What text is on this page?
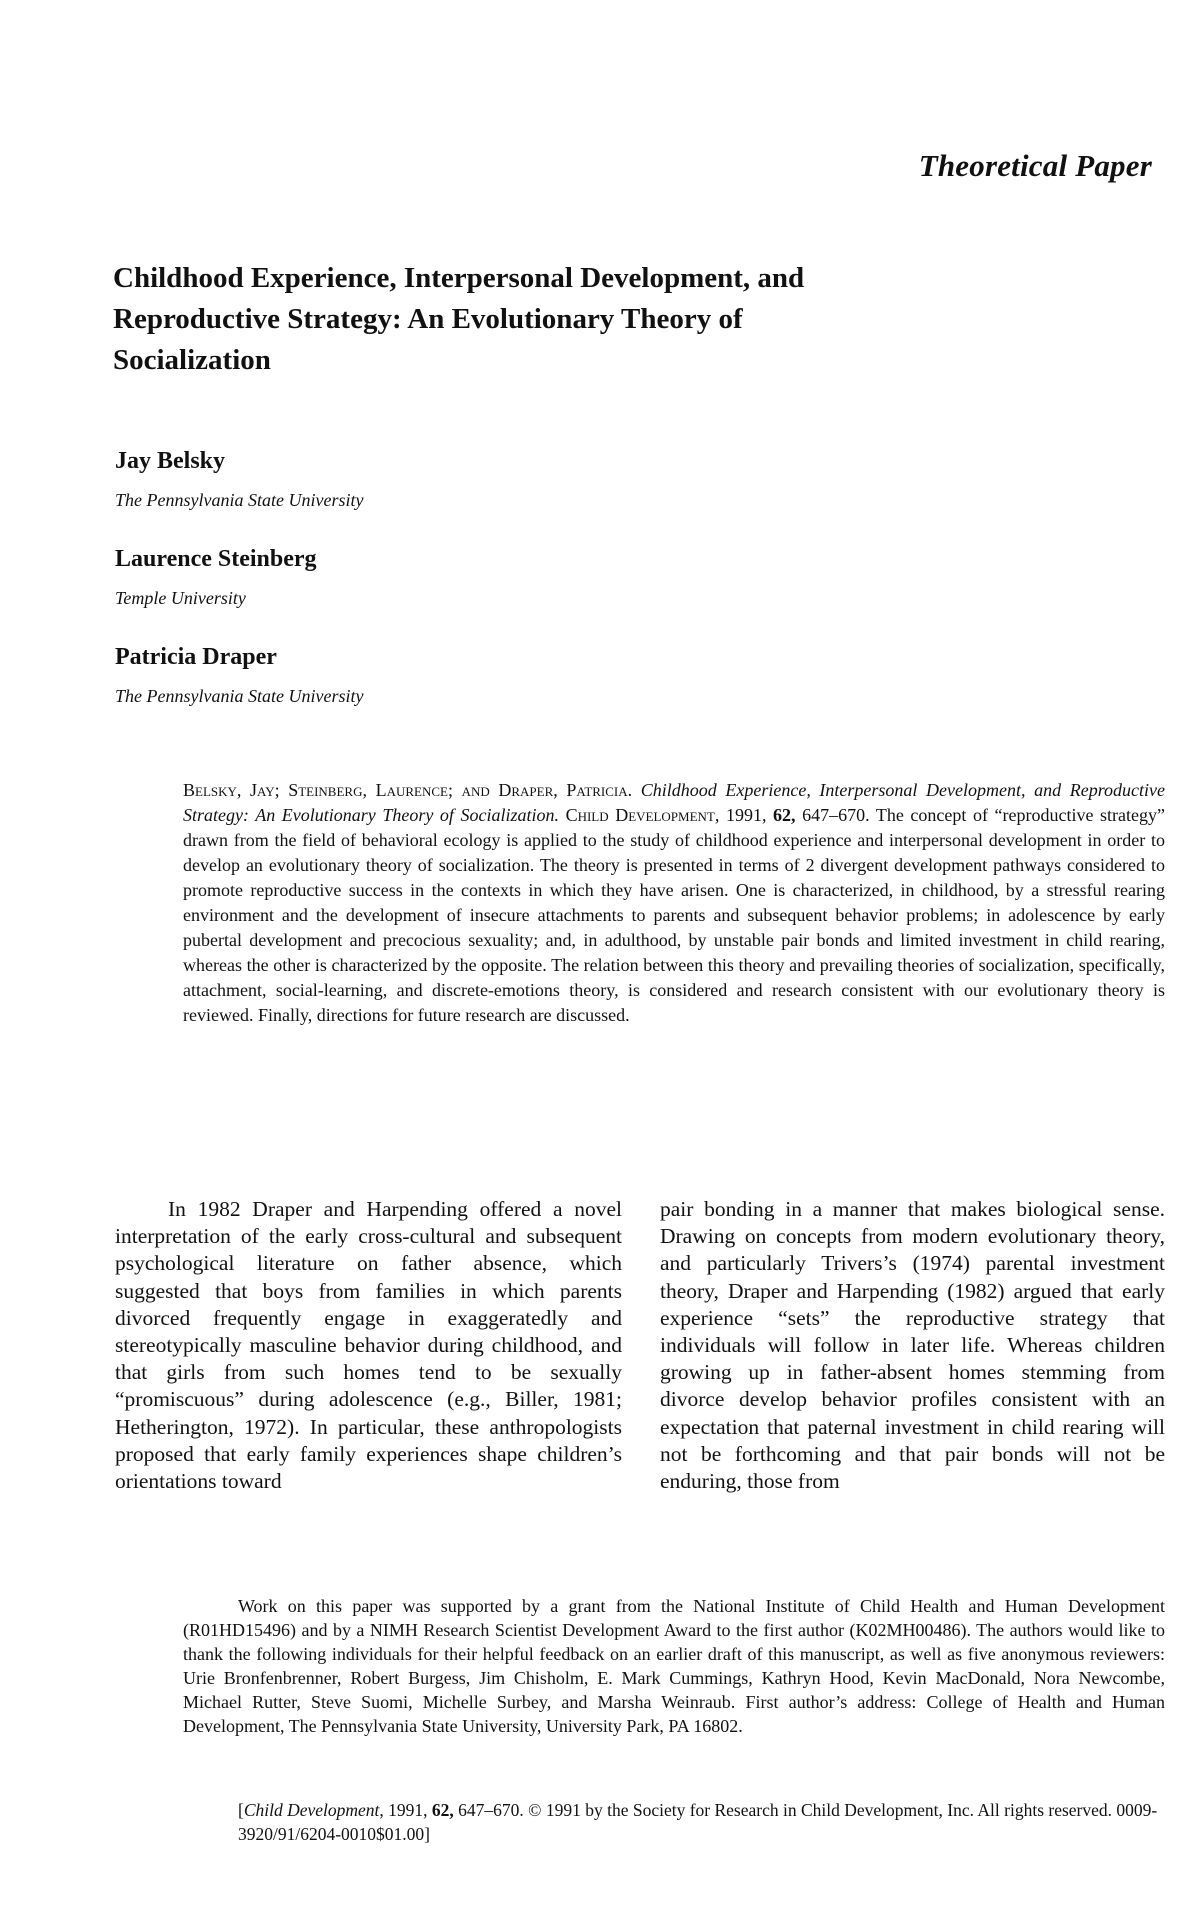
Theoretical Paper
Childhood Experience, Interpersonal Development, and Reproductive Strategy: An Evolutionary Theory of Socialization
Jay Belsky
The Pennsylvania State University
Laurence Steinberg
Temple University
Patricia Draper
The Pennsylvania State University
Belsky, Jay; Steinberg, Laurence; and Draper, Patricia. Childhood Experience, Interpersonal Development, and Reproductive Strategy: An Evolutionary Theory of Socialization. Child Development, 1991, 62, 647–670. The concept of “reproductive strategy” drawn from the field of behavioral ecology is applied to the study of childhood experience and interpersonal development in order to develop an evolutionary theory of socialization. The theory is presented in terms of 2 divergent development pathways considered to promote reproductive success in the contexts in which they have arisen. One is characterized, in childhood, by a stressful rearing environment and the development of insecure attachments to parents and subsequent behavior problems; in adolescence by early pubertal development and precocious sexuality; and, in adulthood, by unstable pair bonds and limited investment in child rearing, whereas the other is characterized by the opposite. The relation between this theory and prevailing theories of socialization, specifically, attachment, social-learning, and discrete-emotions theory, is considered and research consistent with our evolutionary theory is reviewed. Finally, directions for future research are discussed.
In 1982 Draper and Harpending offered a novel interpretation of the early cross-cultural and subsequent psychological literature on father absence, which suggested that boys from families in which parents divorced frequently engage in exaggeratedly and stereotypically masculine behavior during childhood, and that girls from such homes tend to be sexually “promiscuous” during adolescence (e.g., Biller, 1981; Hetherington, 1972). In particular, these anthropologists proposed that early family experiences shape children’s orientations toward
pair bonding in a manner that makes biological sense. Drawing on concepts from modern evolutionary theory, and particularly Trivers’s (1974) parental investment theory, Draper and Harpending (1982) argued that early experience “sets” the reproductive strategy that individuals will follow in later life. Whereas children growing up in father-absent homes stemming from divorce develop behavior profiles consistent with an expectation that paternal investment in child rearing will not be forthcoming and that pair bonds will not be enduring, those from
Work on this paper was supported by a grant from the National Institute of Child Health and Human Development (R01HD15496) and by a NIMH Research Scientist Development Award to the first author (K02MH00486). The authors would like to thank the following individuals for their helpful feedback on an earlier draft of this manuscript, as well as five anonymous reviewers: Urie Bronfenbrenner, Robert Burgess, Jim Chisholm, E. Mark Cummings, Kathryn Hood, Kevin MacDonald, Nora Newcombe, Michael Rutter, Steve Suomi, Michelle Surbey, and Marsha Weinraub. First author’s address: College of Health and Human Development, The Pennsylvania State University, University Park, PA 16802.
[Child Development, 1991, 62, 647–670. © 1991 by the Society for Research in Child Development, Inc. All rights reserved. 0009-3920/91/6204-0010$01.00]
